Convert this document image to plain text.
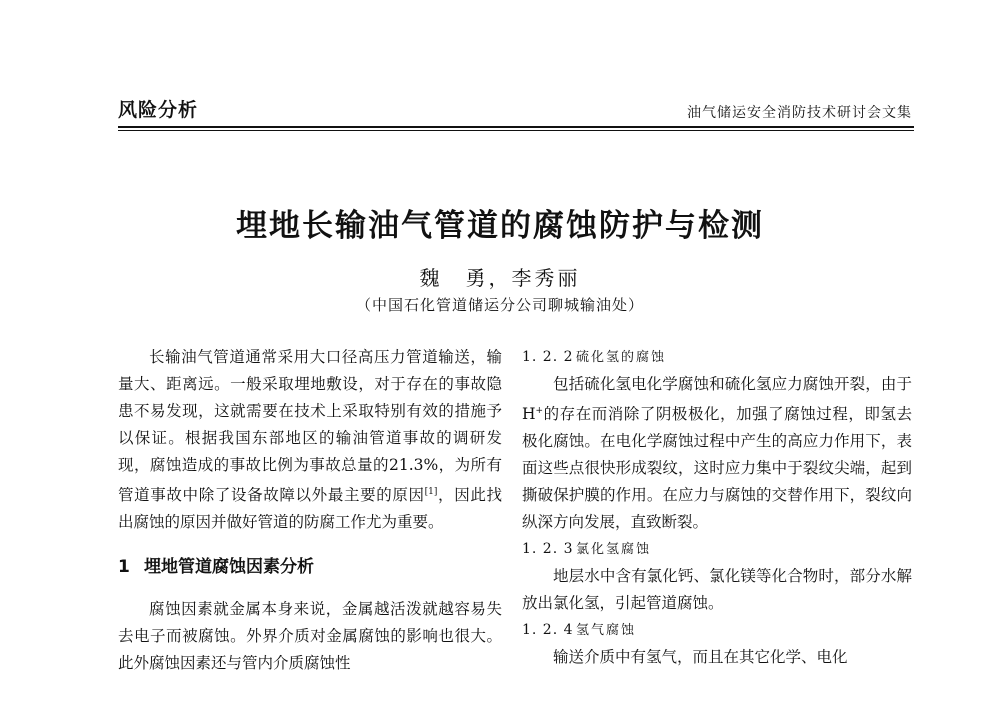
风险分析	油气储运安全消防技术研讨会文集
埋地长输油气管道的腐蚀防护与检测
魏　勇，李秀丽
（中国石化管道储运分公司聊城输油处）

长输油气管道通常采用大口径高压力管道输送，输量大、距离远。一般采取埋地敷设，对于存在的事故隐患不易发现，这就需要在技术上采取特别有效的措施予以保证。根据我国东部地区的输油管道事故的调研发现，腐蚀造成的事故比例为事故总量的21.3%，为所有管道事故中除了设备故障以外最主要的原因[1]，因此找出腐蚀的原因并做好管道的防腐工作尤为重要。

1 埋地管道腐蚀因素分析

腐蚀因素就金属本身来说，金属越活泼就越容易失去电子而被腐蚀。外界介质对金属腐蚀的影响也很大。此外腐蚀因素还与管内介质腐蚀性

1. 2. 2 硫化氢的腐蚀

包括硫化氢电化学腐蚀和硫化氢应力腐蚀开裂，由于H+的存在而消除了阴极极化，加强了腐蚀过程，即氢去极化腐蚀。在电化学腐蚀过程中产生的高应力作用下，表面这些点很快形成裂纹，这时应力集中于裂纹尖端，起到撕破保护膜的作用。在应力与腐蚀的交替作用下，裂纹向纵深方向发展，直致断裂。

1. 2. 3 氯化氢腐蚀

地层水中含有氯化钙、氯化镁等化合物时，部分水解放出氯化氢，引起管道腐蚀。

1. 2. 4 氢气腐蚀

输送介质中有氢气，而且在其它化学、电化
